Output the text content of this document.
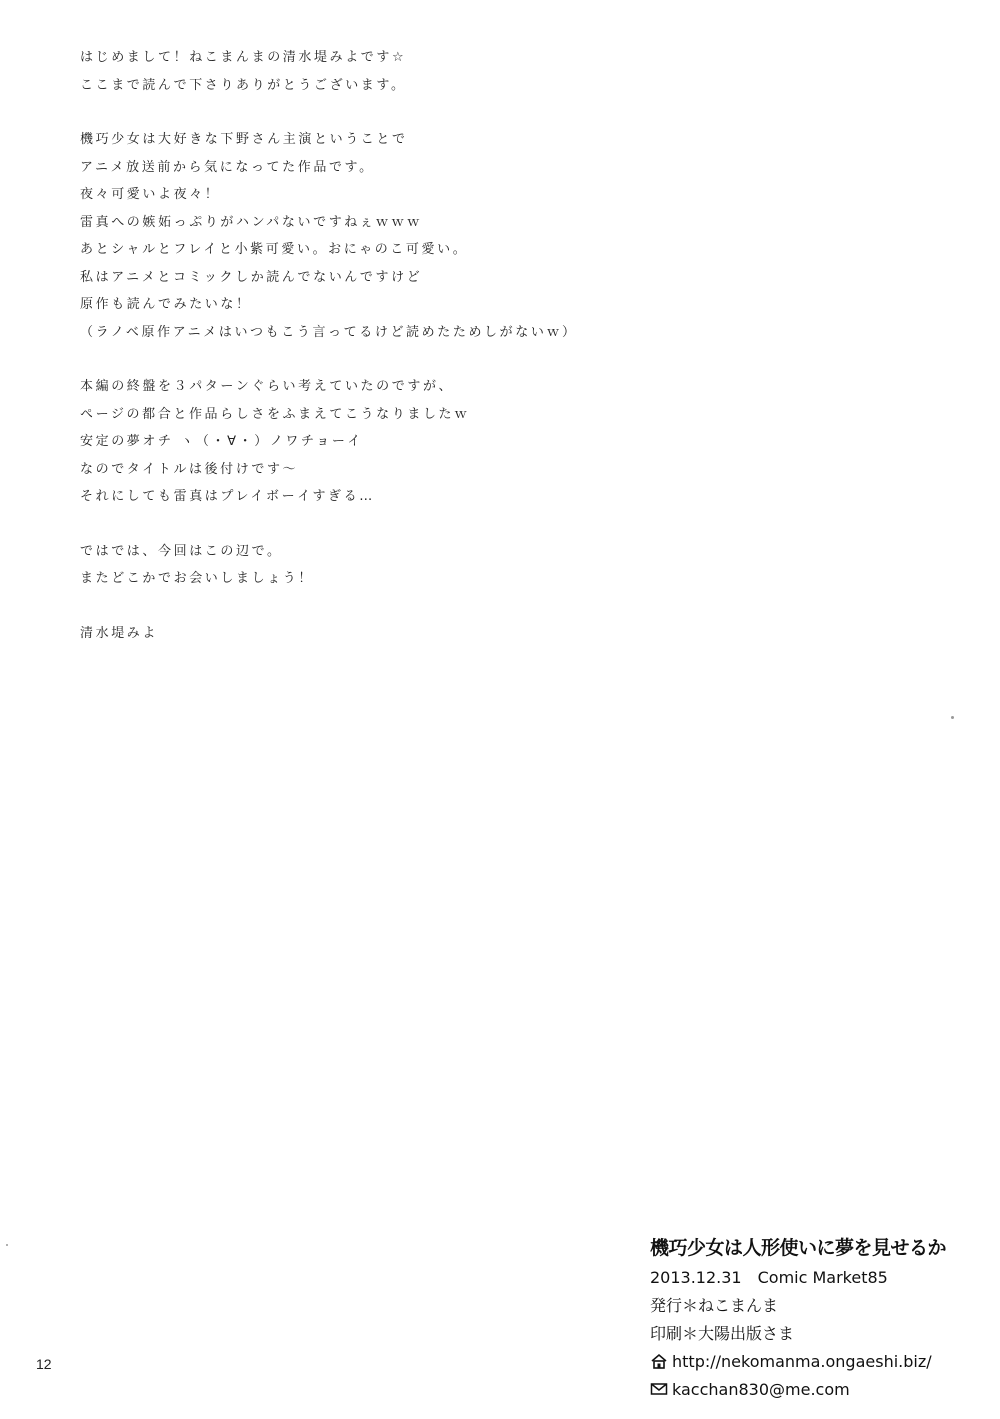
はじめまして！ねこまんまの清水堤みよです☆
ここまで読んで下さりありがとうございます。
機巧少女は大好きな下野さん主演ということで
アニメ放送前から気になってた作品です。
夜々可愛いよ夜々！
雷真への嫉妬っぷりがハンパないですねぇｗｗｗ
あとシャルとフレイと小紫可愛い。おにゃのこ可愛い。
私はアニメとコミックしか読んでないんですけど
原作も読んでみたいな！
（ラノベ原作アニメはいつもこう言ってるけど読めたためしがないｗ）
本編の終盤を３パターンぐらい考えていたのですが、
ページの都合と作品らしさをふまえてこうなりましたｗ
安定の夢オチ ヽ（・∀・）ノワチョーイ
なのでタイトルは後付けです～
それにしても雷真はプレイボーイすぎる…
ではでは、今回はこの辺で。
またどこかでお会いしましょう！
清水堤みよ
機巧少女は人形使いに夢を見せるか
2013.12.31　Comic Market85
発行＊ねこまんま
印刷＊大陽出版さま
http://nekomanma.ongaeshi.biz/
kacchan830@me.com
12
